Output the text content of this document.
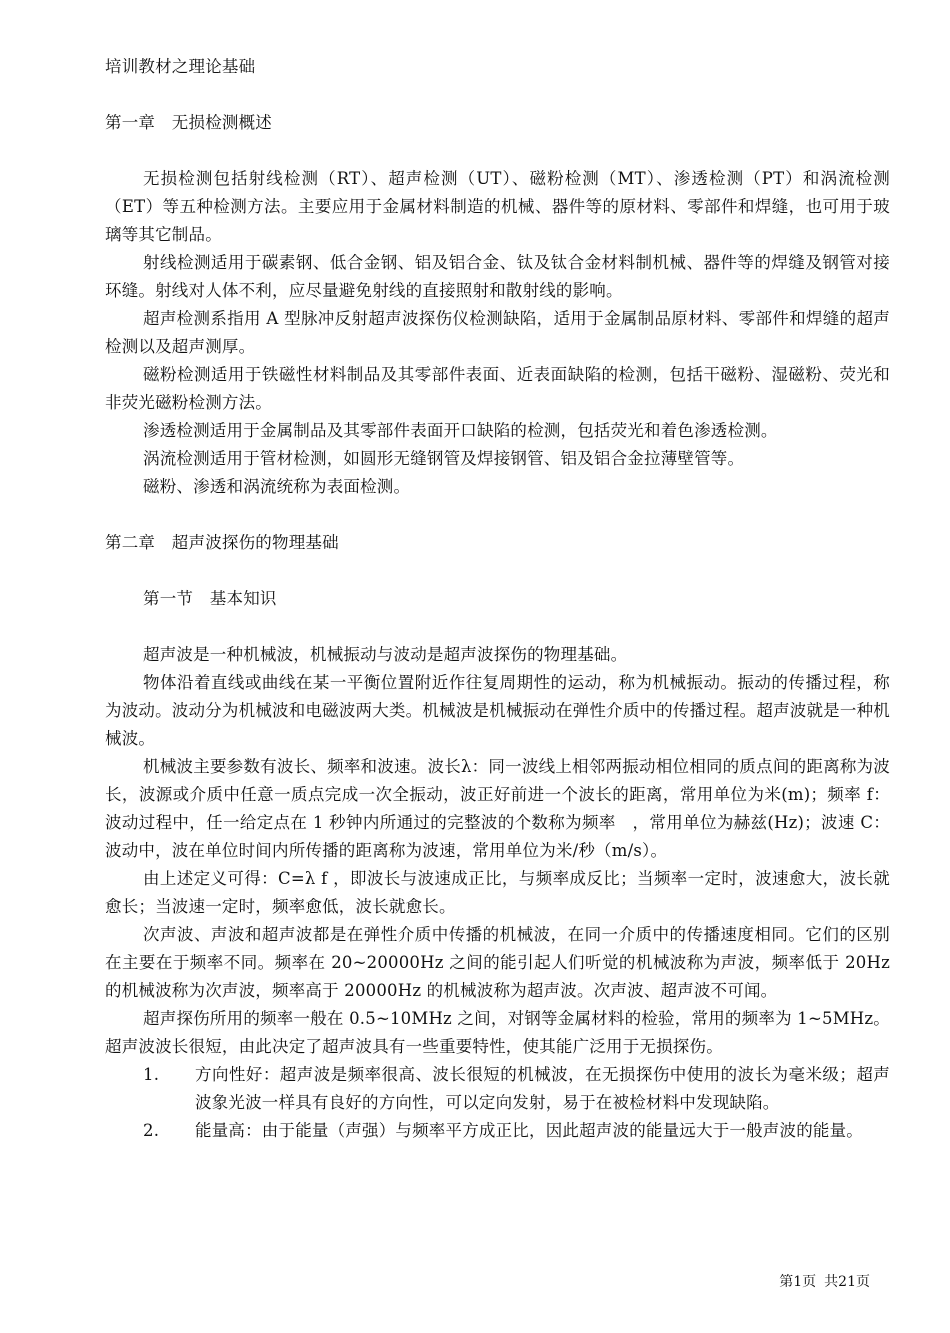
培训教材之理论基础

第一章　无损检测概述

无损检测包括射线检测（RT）、超声检测（UT）、磁粉检测（MT）、渗透检测（PT）和涡流检测（ET）等五种检测方法。主要应用于金属材料制造的机械、器件等的原材料、零部件和焊缝，也可用于玻璃等其它制品。

射线检测适用于碳素钢、低合金钢、铝及铝合金、钛及钛合金材料制机械、器件等的焊缝及钢管对接环缝。射线对人体不利，应尽量避免射线的直接照射和散射线的影响。

超声检测系指用 A 型脉冲反射超声波探伤仪检测缺陷，适用于金属制品原材料、零部件和焊缝的超声检测以及超声测厚。

磁粉检测适用于铁磁性材料制品及其零部件表面、近表面缺陷的检测，包括干磁粉、湿磁粉、荧光和非荧光磁粉检测方法。

渗透检测适用于金属制品及其零部件表面开口缺陷的检测，包括荧光和着色渗透检测。

涡流检测适用于管材检测，如圆形无缝钢管及焊接钢管、铝及铝合金拉薄壁管等。

磁粉、渗透和涡流统称为表面检测。

第二章　超声波探伤的物理基础

第一节　基本知识

超声波是一种机械波，机械振动与波动是超声波探伤的物理基础。

物体沿着直线或曲线在某一平衡位置附近作往复周期性的运动，称为机械振动。振动的传播过程，称为波动。波动分为机械波和电磁波两大类。机械波是机械振动在弹性介质中的传播过程。超声波就是一种机械波。

机械波主要参数有波长、频率和波速。波长λ：同一波线上相邻两振动相位相同的质点间的距离称为波长，波源或介质中任意一质点完成一次全振动，波正好前进一个波长的距离，常用单位为米(m)；频率 f：波动过程中，任一给定点在 1 秒钟内所通过的完整波的个数称为频率　，常用单位为赫兹(Hz)；波速 C：波动中，波在单位时间内所传播的距离称为波速，常用单位为米/秒（m/s）。

由上述定义可得：C=λ f ，即波长与波速成正比，与频率成反比；当频率一定时，波速愈大，波长就愈长；当波速一定时，频率愈低，波长就愈长。

次声波、声波和超声波都是在弹性介质中传播的机械波，在同一介质中的传播速度相同。它们的区别在主要在于频率不同。频率在 20~20000Hz 之间的能引起人们听觉的机械波称为声波，频率低于 20Hz 的机械波称为次声波，频率高于 20000Hz 的机械波称为超声波。次声波、超声波不可闻。

超声探伤所用的频率一般在 0.5~10MHz 之间，对钢等金属材料的检验，常用的频率为 1~5MHz。超声波波长很短，由此决定了超声波具有一些重要特性，使其能广泛用于无损探伤。

1.	方向性好：超声波是频率很高、波长很短的机械波，在无损探伤中使用的波长为毫米级；超声波象光波一样具有良好的方向性，可以定向发射，易于在被检材料中发现缺陷。
2.	能量高：由于能量（声强）与频率平方成正比，因此超声波的能量远大于一般声波的能量。
第1页 共21页
